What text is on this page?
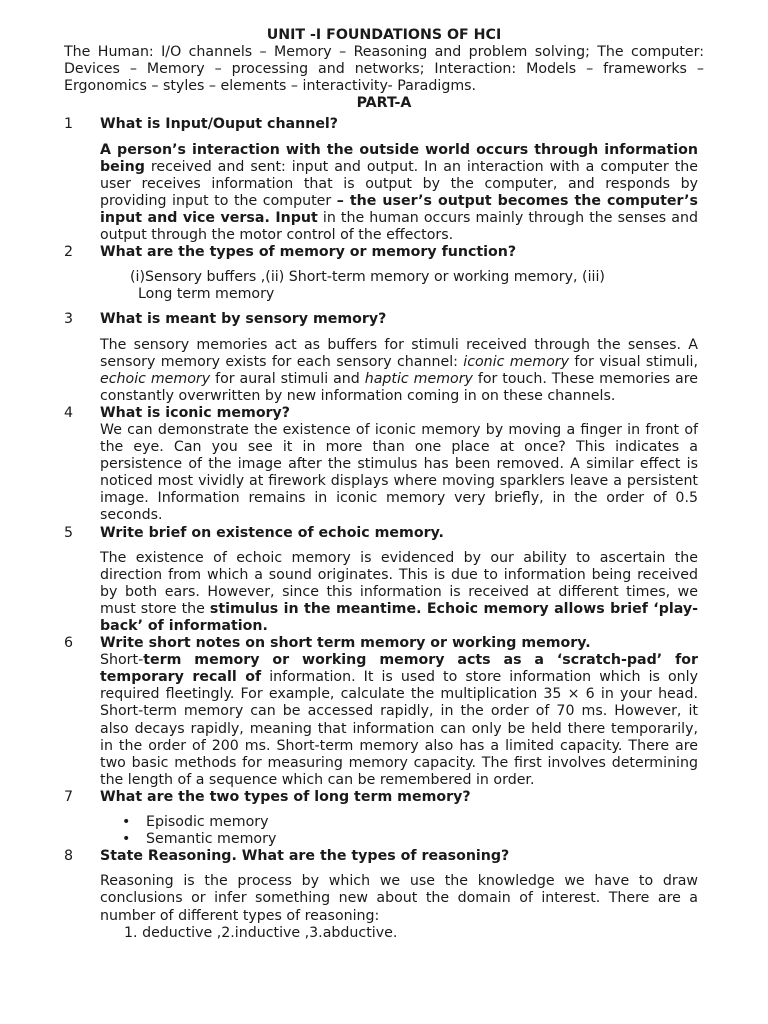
UNIT -I FOUNDATIONS OF HCI
The Human: I/O channels – Memory – Reasoning and problem solving; The computer: Devices – Memory – processing and networks; Interaction: Models – frameworks – Ergonomics – styles – elements – interactivity- Paradigms.
PART-A
1 What is Input/Ouput channel?
A person’s interaction with the outside world occurs through information being received and sent: input and output. In an interaction with a computer the user receives information that is output by the computer, and responds by providing input to the computer – the user’s output becomes the computer’s input and vice versa. Input in the human occurs mainly through the senses and output through the motor control of the effectors.
2 What are the types of memory or memory function?
(i)Sensory buffers ,(ii) Short-term memory or working memory, (iii)
Long term memory
3 What is meant by sensory memory?
The sensory memories act as buffers for stimuli received through the senses. A sensory memory exists for each sensory channel: iconic memory for visual stimuli, echoic memory for aural stimuli and haptic memory for touch. These memories are constantly overwritten by new information coming in on these channels.
4 What is iconic memory?
We can demonstrate the existence of iconic memory by moving a finger in front of the eye. Can you see it in more than one place at once? This indicates a persistence of the image after the stimulus has been removed. A similar effect is noticed most vividly at firework displays where moving sparklers leave a persistent image. Information remains in iconic memory very briefly, in the order of 0.5 seconds.
5 Write brief on existence of echoic memory.
The existence of echoic memory is evidenced by our ability to ascertain the direction from which a sound originates. This is due to information being received by both ears. However, since this information is received at different times, we must store the stimulus in the meantime. Echoic memory allows brief ‘play-back’ of information.
6 Write short notes on short term memory or working memory.
Short-term memory or working memory acts as a ‘scratch-pad’ for temporary recall of information. It is used to store information which is only required fleetingly. For example, calculate the multiplication 35 × 6 in your head. Short-term memory can be accessed rapidly, in the order of 70 ms. However, it also decays rapidly, meaning that information can only be held there temporarily, in the order of 200 ms. Short-term memory also has a limited capacity. There are two basic methods for measuring memory capacity. The first involves determining the length of a sequence which can be remembered in order.
7 What are the two types of long term memory?
• Episodic memory
• Semantic memory
8 State Reasoning. What are the types of reasoning?
Reasoning is the process by which we use the knowledge we have to draw conclusions or infer something new about the domain of interest. There are a number of different types of reasoning:
1. deductive ,2.inductive ,3.abductive.
